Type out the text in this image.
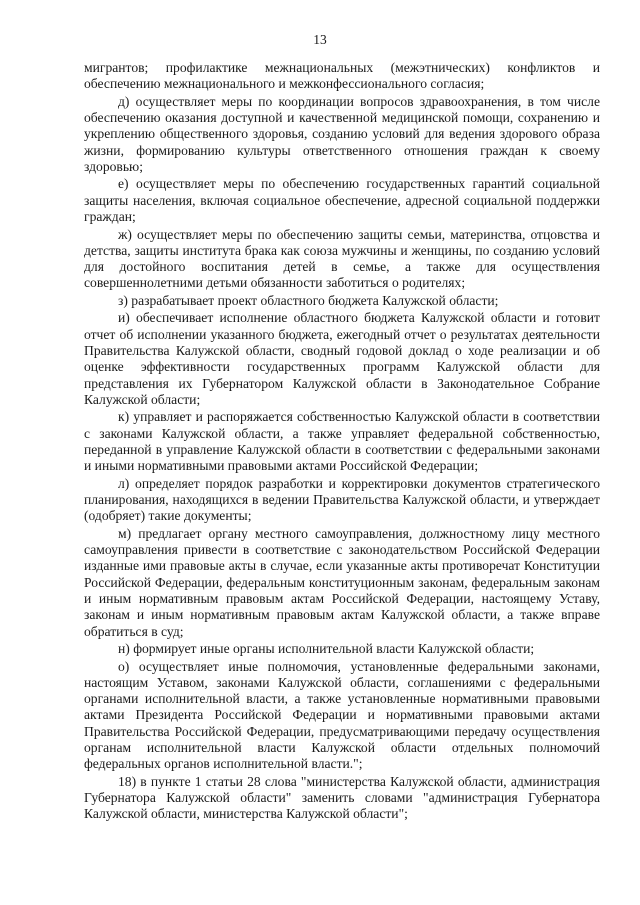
13

мигрантов; профилактике межнациональных (межэтнических) конфликтов и обеспечению межнационального и межконфессионального согласия;

д) осуществляет меры по координации вопросов здравоохранения, в том числе обеспечению оказания доступной и качественной медицинской помощи, сохранению и укреплению общественного здоровья, созданию условий для ведения здорового образа жизни, формированию культуры ответственного отношения граждан к своему здоровью;

е) осуществляет меры по обеспечению государственных гарантий социальной защиты населения, включая социальное обеспечение, адресной социальной поддержки граждан;

ж) осуществляет меры по обеспечению защиты семьи, материнства, отцовства и детства, защиты института брака как союза мужчины и женщины, по созданию условий для достойного воспитания детей в семье, а также для осуществления совершеннолетними детьми обязанности заботиться о родителях;

з) разрабатывает проект областного бюджета Калужской области;

и) обеспечивает исполнение областного бюджета Калужской области и готовит отчет об исполнении указанного бюджета, ежегодный отчет о результатах деятельности Правительства Калужской области, сводный годовой доклад о ходе реализации и об оценке эффективности государственных программ Калужской области для представления их Губернатором Калужской области в Законодательное Собрание Калужской области;

к) управляет и распоряжается собственностью Калужской области в соответствии с законами Калужской области, а также управляет федеральной собственностью, переданной в управление Калужской области в соответствии с федеральными законами и иными нормативными правовыми актами Российской Федерации;

л) определяет порядок разработки и корректировки документов стратегического планирования, находящихся в ведении Правительства Калужской области, и утверждает (одобряет) такие документы;

м) предлагает органу местного самоуправления, должностному лицу местного самоуправления привести в соответствие с законодательством Российской Федерации изданные ими правовые акты в случае, если указанные акты противоречат Конституции Российской Федерации, федеральным конституционным законам, федеральным законам и иным нормативным правовым актам Российской Федерации, настоящему Уставу, законам и иным нормативным правовым актам Калужской области, а также вправе обратиться в суд;

н) формирует иные органы исполнительной власти Калужской области;

о) осуществляет иные полномочия, установленные федеральными законами, настоящим Уставом, законами Калужской области, соглашениями с федеральными органами исполнительной власти, а также установленные нормативными правовыми актами Президента Российской Федерации и нормативными правовыми актами Правительства Российской Федерации, предусматривающими передачу осуществления органам исполнительной власти Калужской области отдельных полномочий федеральных органов исполнительной власти.";

18) в пункте 1 статьи 28 слова "министерства Калужской области, администрация Губернатора Калужской области" заменить словами "администрация Губернатора Калужской области, министерства Калужской области";
